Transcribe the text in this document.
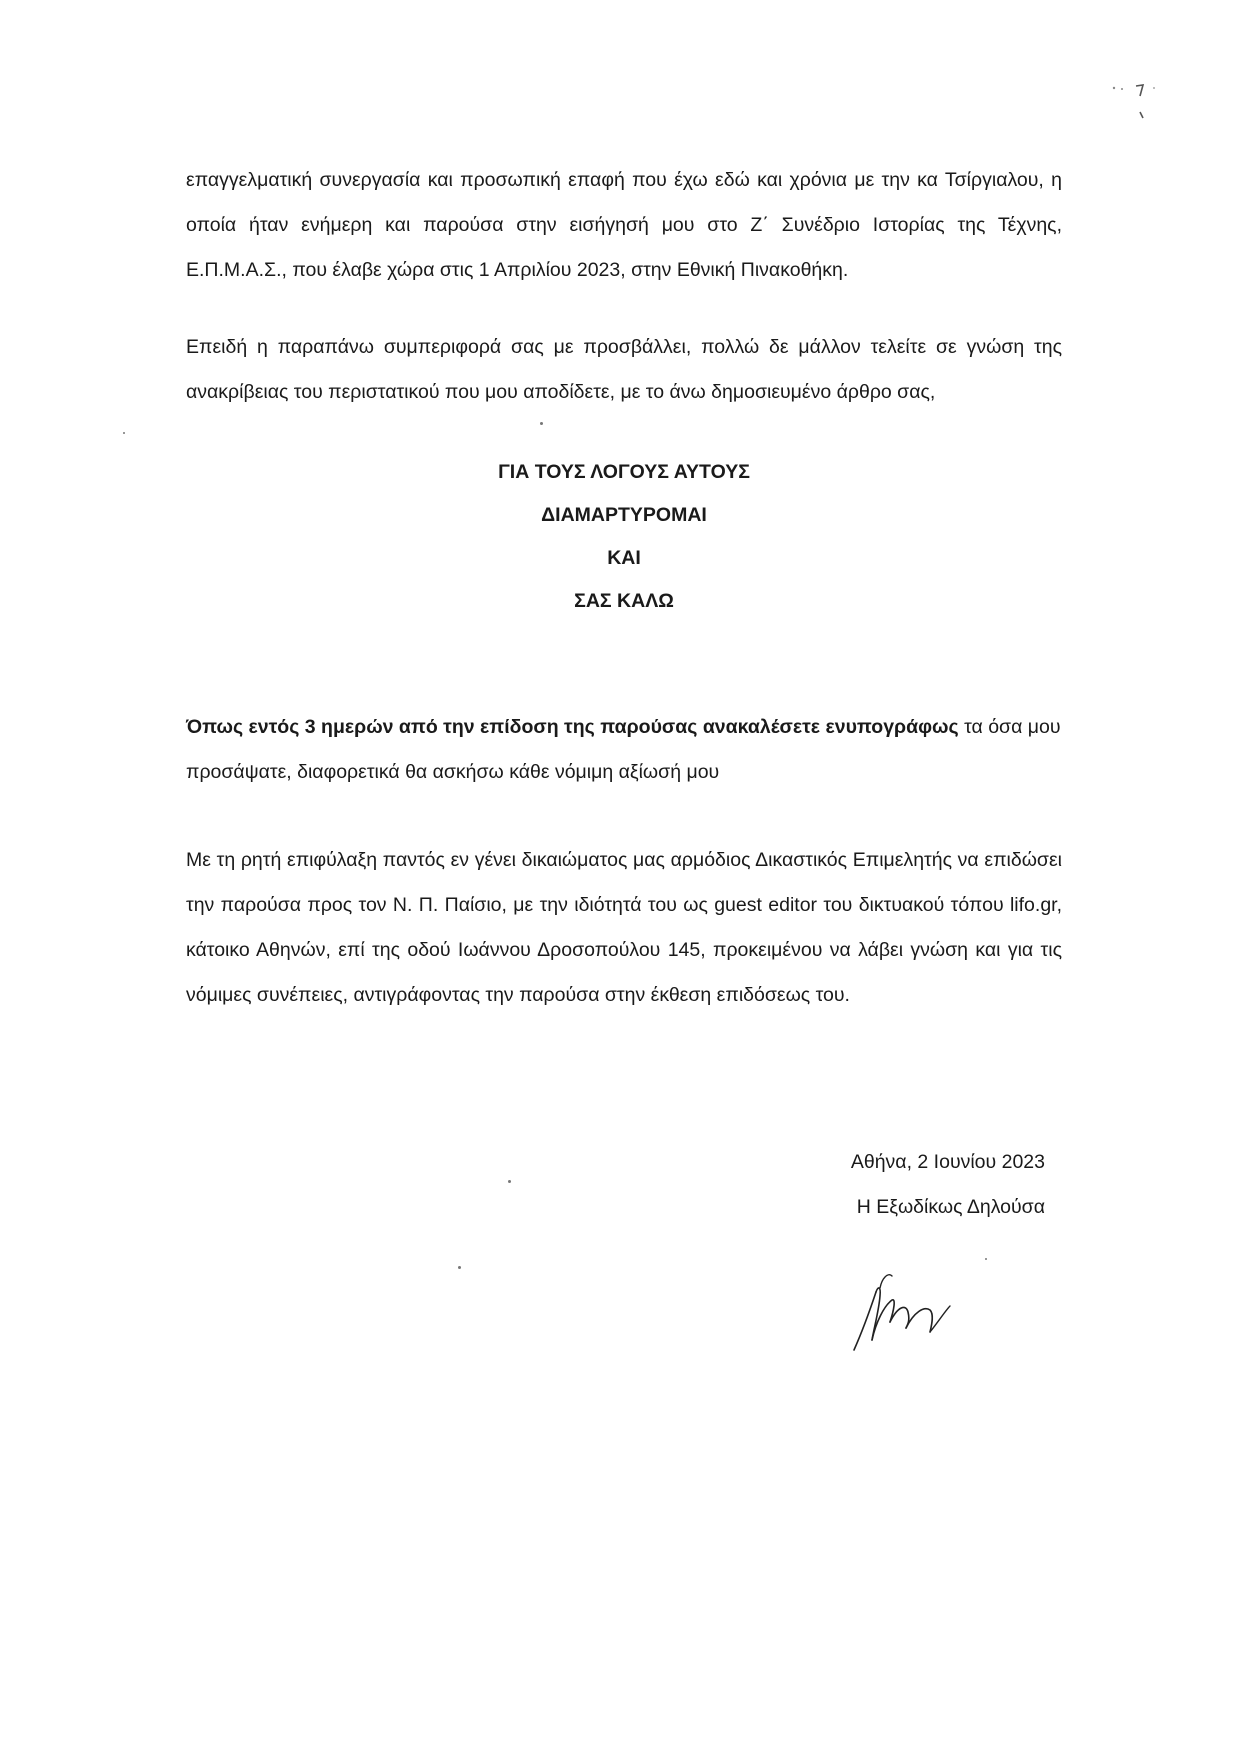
επαγγελματική συνεργασία και προσωπική επαφή που έχω εδώ και χρόνια με την κα Τσίργιαλου, η οποία ήταν ενήμερη και παρούσα στην εισήγησή μου στο Ζ΄ Συνέδριο Ιστορίας της Τέχνης, Ε.Π.Μ.Α.Σ., που έλαβε χώρα στις 1 Απριλίου 2023, στην Εθνική Πινακοθήκη.

Επειδή η παραπάνω συμπεριφορά σας με προσβάλλει, πολλώ δε μάλλον τελείτε σε γνώση της ανακρίβειας του περιστατικού που μου αποδίδετε, με το άνω δημοσιευμένο άρθρο σας,

ΓΙΑ ΤΟΥΣ ΛΟΓΟΥΣ ΑΥΤΟΥΣ
ΔΙΑΜΑΡΤΥΡΟΜΑΙ
ΚΑΙ
ΣΑΣ ΚΑΛΩ

Όπως εντός 3 ημερών από την επίδοση της παρούσας ανακαλέσετε ενυπογράφως τα όσα μου προσάψατε, διαφορετικά θα ασκήσω κάθε νόμιμη αξίωσή μου

Με τη ρητή επιφύλαξη παντός εν γένει δικαιώματος μας αρμόδιος Δικαστικός Επιμελητής να επιδώσει την παρούσα προς τον Ν. Π. Παίσιο, με την ιδιότητά του ως guest editor του δικτυακού τόπου lifo.gr, κάτοικο Αθηνών, επί της οδού Ιωάννου Δροσοπούλου 145, προκειμένου να λάβει γνώση και για τις νόμιμες συνέπειες, αντιγράφοντας την παρούσα στην έκθεση επιδόσεως του.

Αθήνα, 2 Ιουνίου 2023
Η Εξωδίκως Δηλούσα
